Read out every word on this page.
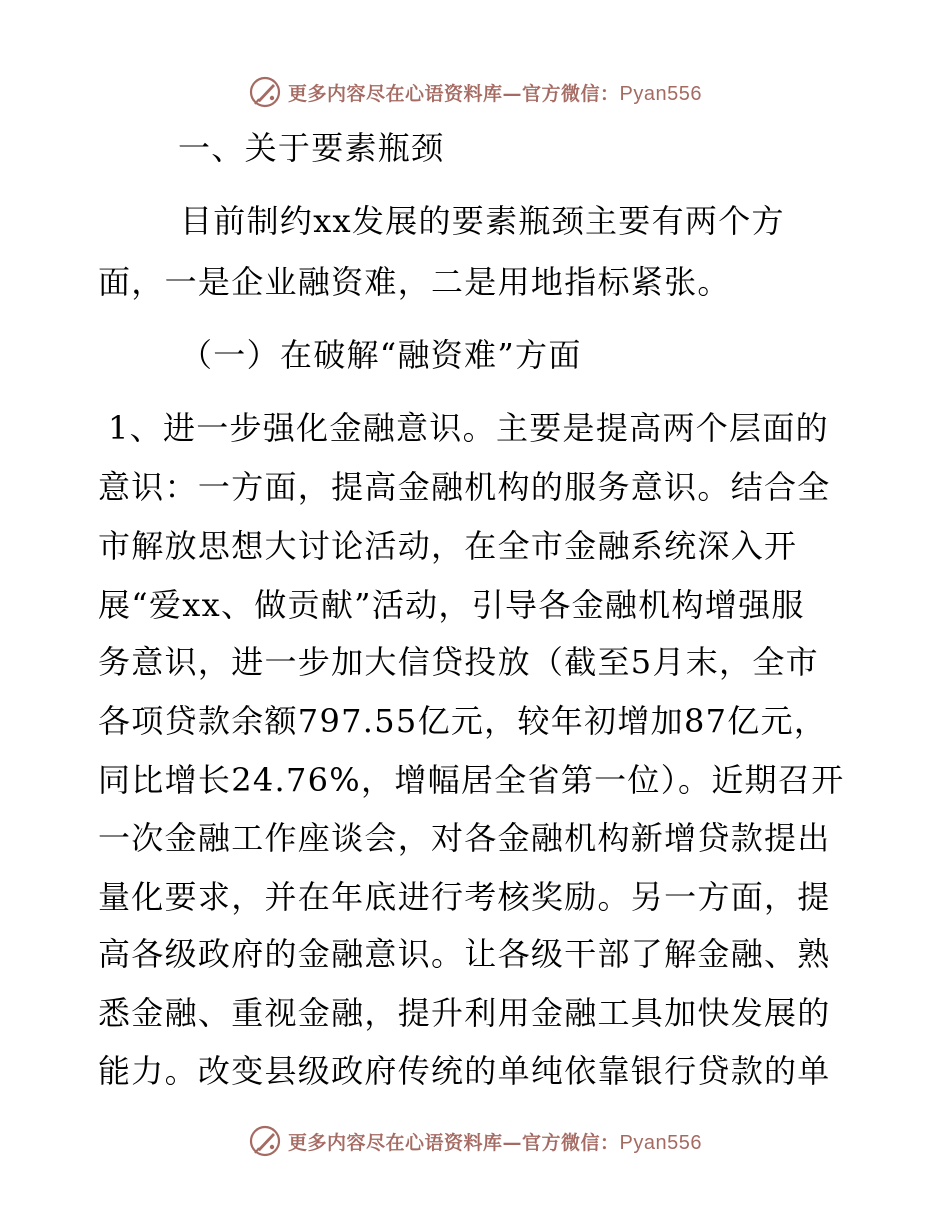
更多内容尽在心语资料库—官方微信：Pyan556
一、关于要素瓶颈
目前制约xx发展的要素瓶颈主要有两个方
面，一是企业融资难，二是用地指标紧张。
（一）在破解“融资难”方面
1、进一步强化金融意识。主要是提高两个层面的
意识：一方面，提高金融机构的服务意识。结合全
市解放思想大讨论活动，在全市金融系统深入开
展“爱xx、做贡献”活动，引导各金融机构增强服
务意识，进一步加大信贷投放（截至5月末，全市
各项贷款余额797.55亿元，较年初增加87亿元，
同比增长24.76%，增幅居全省第一位）。近期召开
一次金融工作座谈会，对各金融机构新增贷款提出
量化要求，并在年底进行考核奖励。另一方面，提
高各级政府的金融意识。让各级干部了解金融、熟
悉金融、重视金融，提升利用金融工具加快发展的
能力。改变县级政府传统的单纯依靠银行贷款的单
更多内容尽在心语资料库—官方微信：Pyan556
